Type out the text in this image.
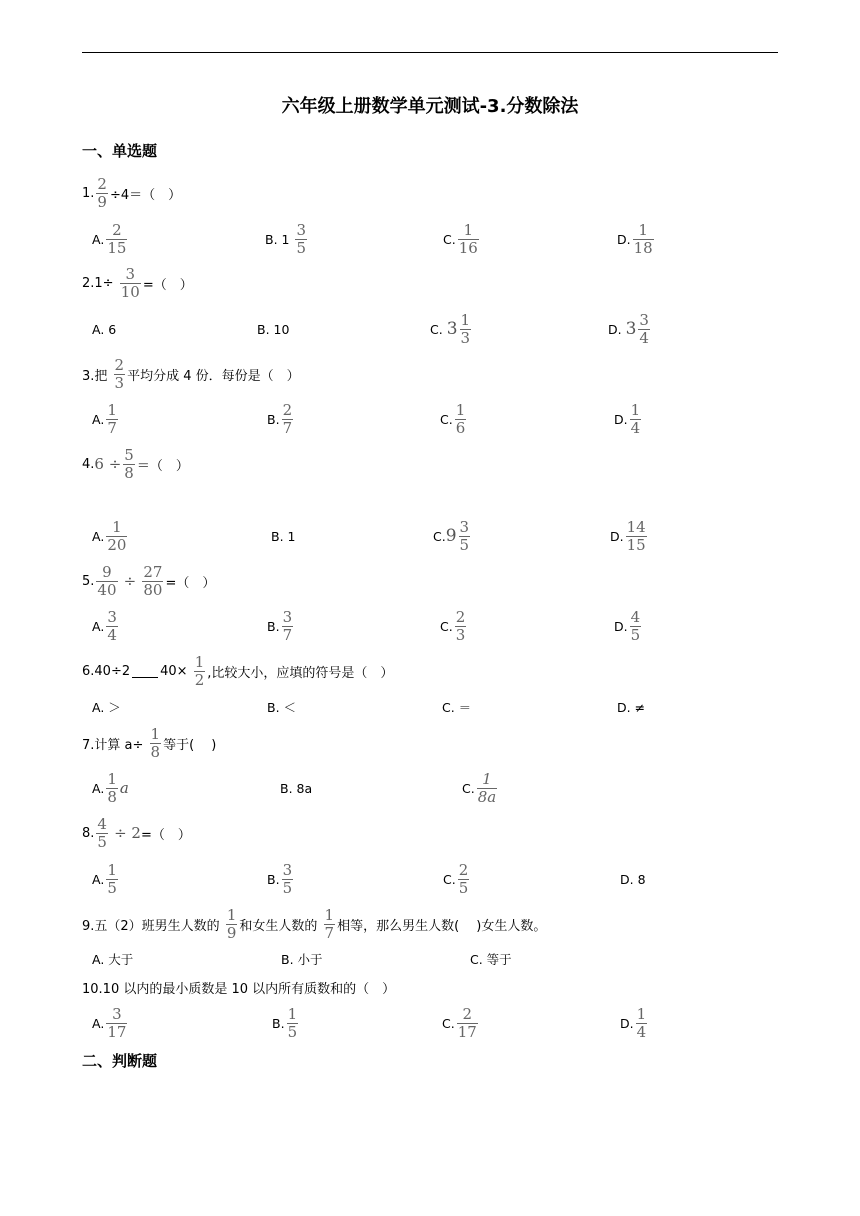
六年级上册数学单元测试-3.分数除法
一、单选题
1. $\frac{2}{9} \div 4=$（　）
A. $\frac{2}{15}$	B. 1
$\frac{3}{5}$	C. $\frac{1}{16}$	D. $\frac{1}{18}$
2.1÷
$\frac{3}{10}$ =（　）
A. 6	B. 10	C.
$3 \frac{1}{3}$	D.
$3 \frac{3}{4}$
3.把
$\frac{2}{3}$ 平均分成 4 份．每份是（　）
A. $\frac{1}{7}$	B. $\frac{2}{7}$	C. $\frac{1}{6}$	D. $\frac{1}{4}$
4. $6 \div \frac{5}{8}$ ＝（　）
A. $\frac{1}{20}$	B. 1	C. $9 \frac{3}{5}$	D. $\frac{14}{15}$
5. $\frac{9}{40}$
÷
$\frac{27}{80}$ =（　）
A. $\frac{3}{4}$	B. $\frac{3}{7}$	C. $\frac{2}{3}$	D. $\frac{4}{5}$
6.40÷2 40×
$\frac{1}{2}$ ,比较大小，应填的符号是（　）
A. ＞	B. ＜	C. ＝	D. ≠
7.计算 a÷
$\frac{1}{8}$ 等于(　 )
A. $\frac{1}{8}$ a	B. 8a	C. $\frac{1}{8a}$
8. $\frac{4}{5}$
÷ 2 =（　）
A. $\frac{1}{5}$	B. $\frac{3}{5}$	C. $\frac{2}{5}$	D. 8
9.五（2）班男生人数的
$\frac{1}{9}$ 和女生人数的
$\frac{1}{7}$ 相等，那么男生人数(　 )女生人数。
A. 大于	B. 小于	C. 等于
10.10 以内的最小质数是 10 以内所有质数和的（　）
A. $\frac{3}{17}$	B. $\frac{1}{5}$	C. $\frac{2}{17}$	D. $\frac{1}{4}$
二、判断题
